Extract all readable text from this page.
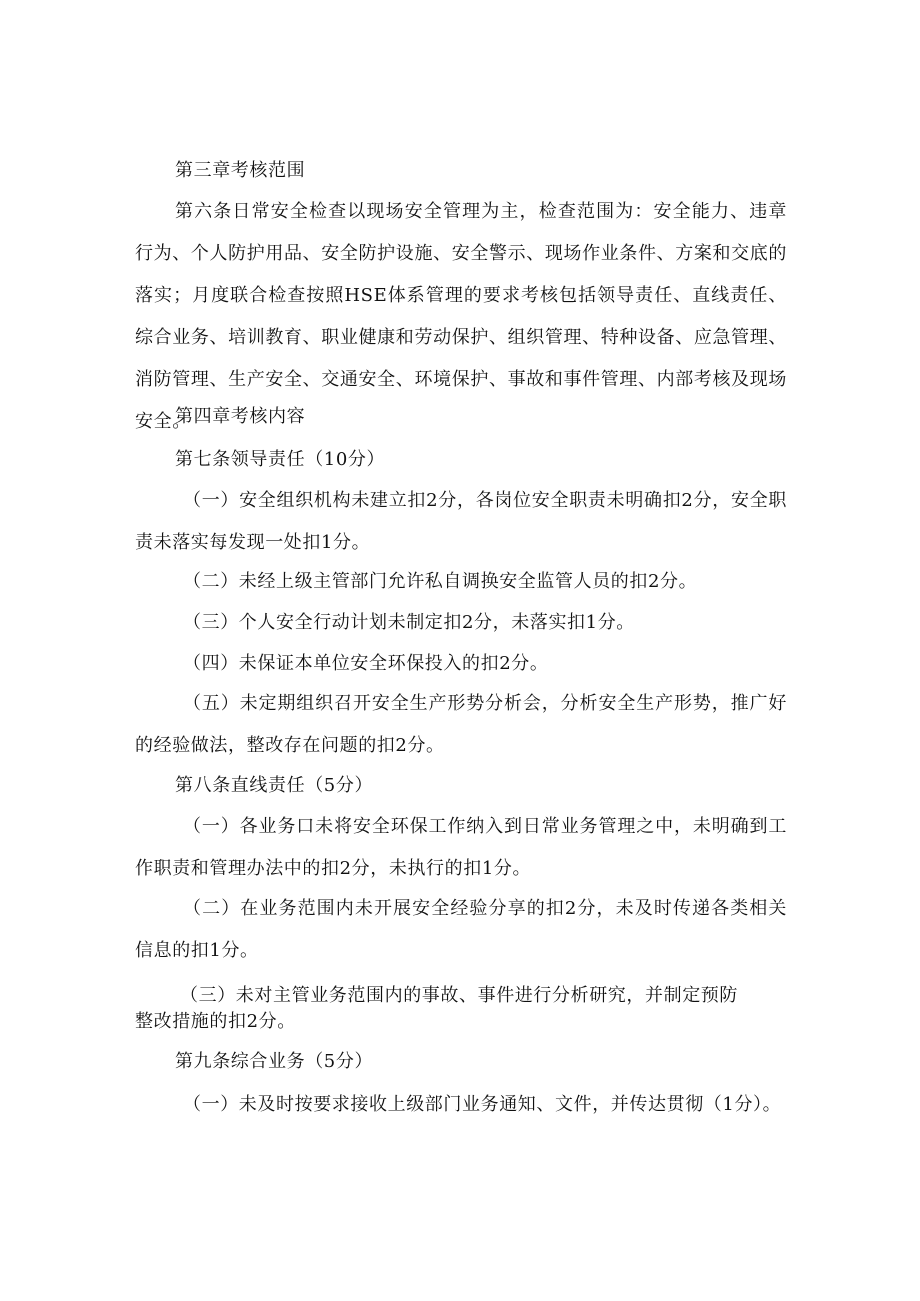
第三章考核范围

第六条日常安全检查以现场安全管理为主，检查范围为：安全能力、违章行为、个人防护用品、安全防护设施、安全警示、现场作业条件、方案和交底的落实；月度联合检查按照HSE体系管理的要求考核包括领导责任、直线责任、综合业务、培训教育、职业健康和劳动保护、组织管理、特种设备、应急管理、消防管理、生产安全、交通安全、环境保护、事故和事件管理、内部考核及现场安全。

第四章考核内容
第七条领导责任（10分）

（一）安全组织机构未建立扣2分，各岗位安全职责未明确扣2分，安全职责未落实每发现一处扣1分。

（二）未经上级主管部门允许私自调换安全监管人员的扣2分。
（三）个人安全行动计划未制定扣2分，未落实扣1分。
（四）未保证本单位安全环保投入的扣2分。

（五）未定期组织召开安全生产形势分析会，分析安全生产形势，推广好的经验做法，整改存在问题的扣2分。

第八条直线责任（5分）

（一）各业务口未将安全环保工作纳入到日常业务管理之中，未明确到工作职责和管理办法中的扣2分，未执行的扣1分。

（二）在业务范围内未开展安全经验分享的扣2分，未及时传递各类相关信息的扣1分。

（三）未对主管业务范围内的事故、事件进行分析研究，并制定预防
整改措施的扣2分。
第九条综合业务（5分）
（一）未及时按要求接收上级部门业务通知、文件，并传达贯彻（1分）。
